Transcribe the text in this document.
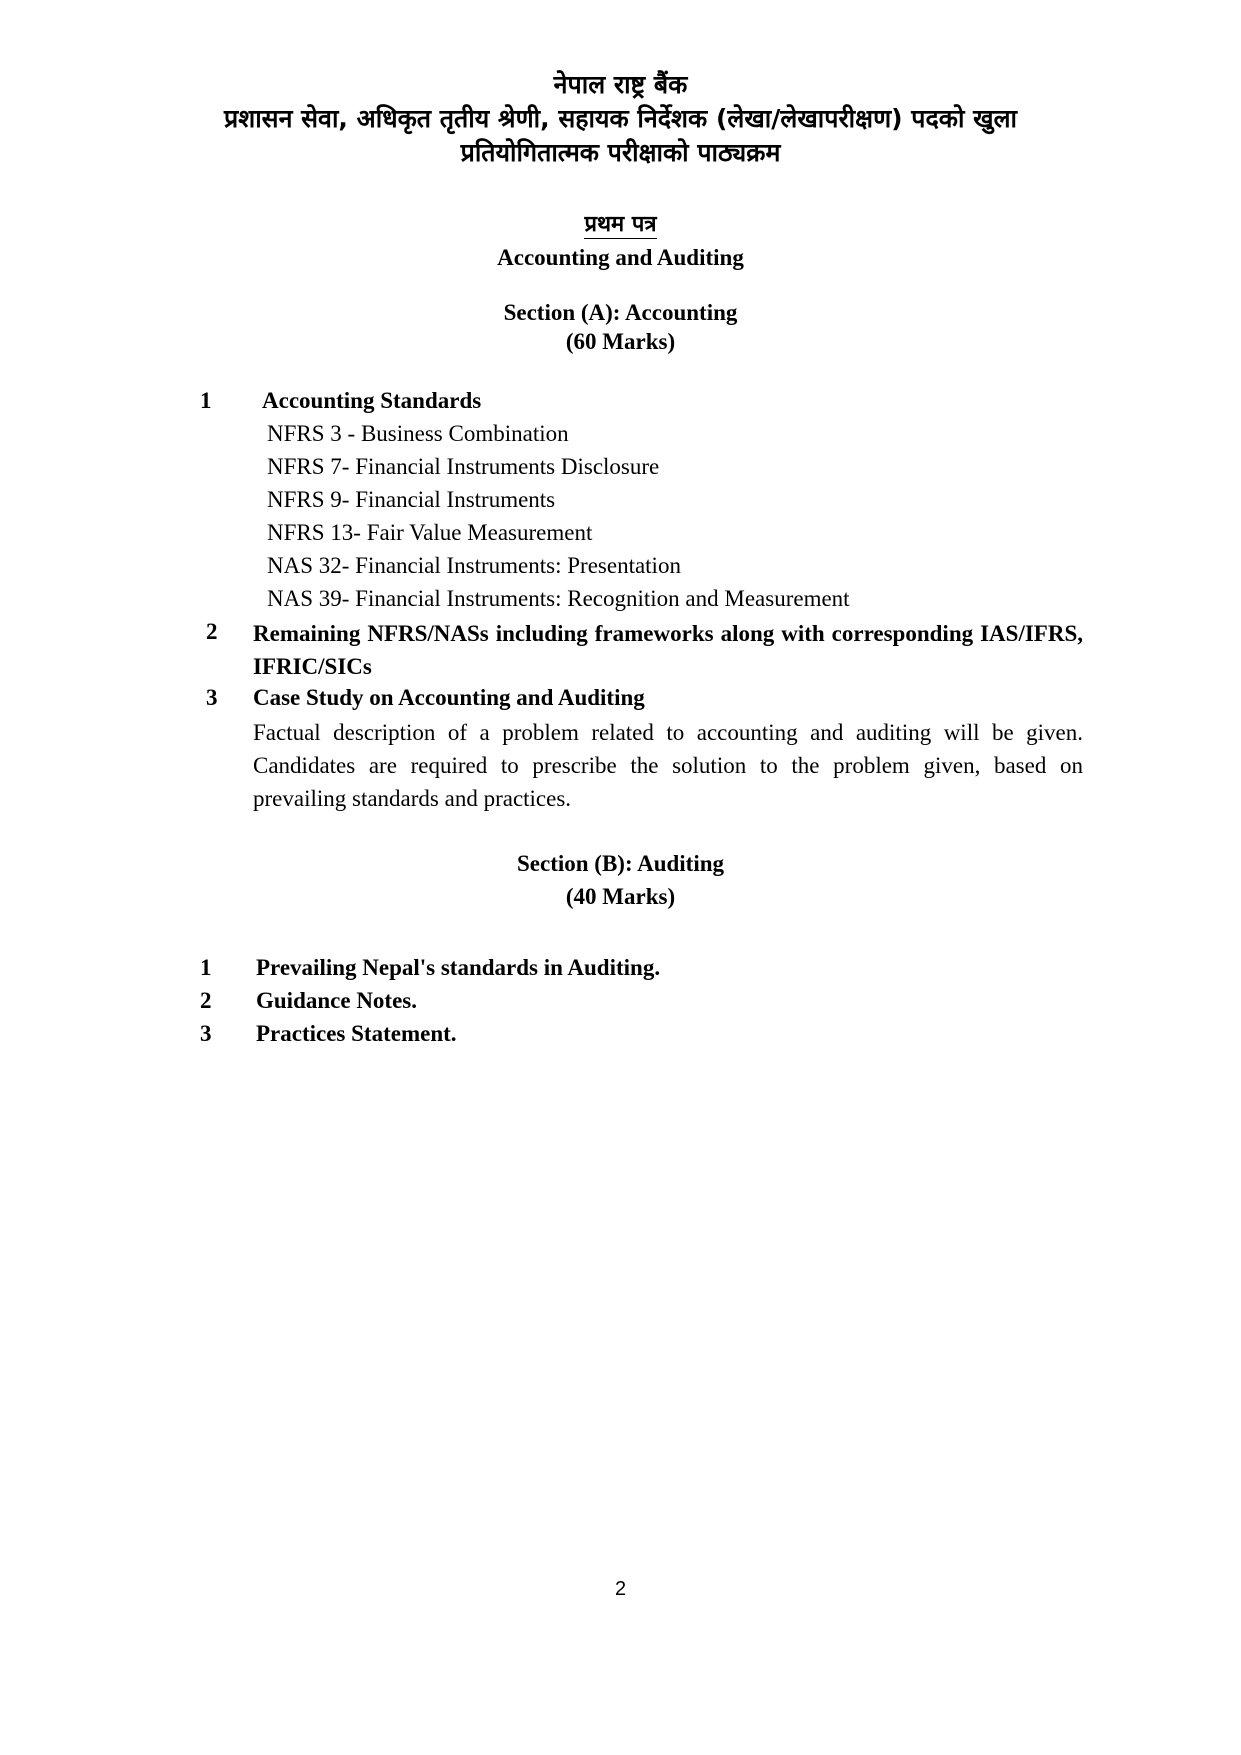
नेपाल राष्ट्र बैंक
प्रशासन सेवा, अधिकृत तृतीय श्रेणी, सहायक निर्देशक (लेखा/लेखापरीक्षण) पदको खुला
प्रतियोगितात्मक परीक्षाको पाठ्यक्रम
प्रथम पत्र
Accounting and Auditing
Section (A): Accounting
(60 Marks)
1 Accounting Standards
NFRS 3 - Business Combination
NFRS 7- Financial Instruments Disclosure
NFRS 9- Financial Instruments
NFRS 13- Fair Value Measurement
NAS 32- Financial Instruments: Presentation
NAS 39- Financial Instruments: Recognition and Measurement
2 Remaining NFRS/NASs including frameworks along with corresponding IAS/IFRS, IFRIC/SICs
3 Case Study on Accounting and Auditing
Factual description of a problem related to accounting and auditing will be given. Candidates are required to prescribe the solution to the problem given, based on prevailing standards and practices.
Section (B): Auditing
(40 Marks)
1 Prevailing Nepal's standards in Auditing.
2 Guidance Notes.
3 Practices Statement.
2
